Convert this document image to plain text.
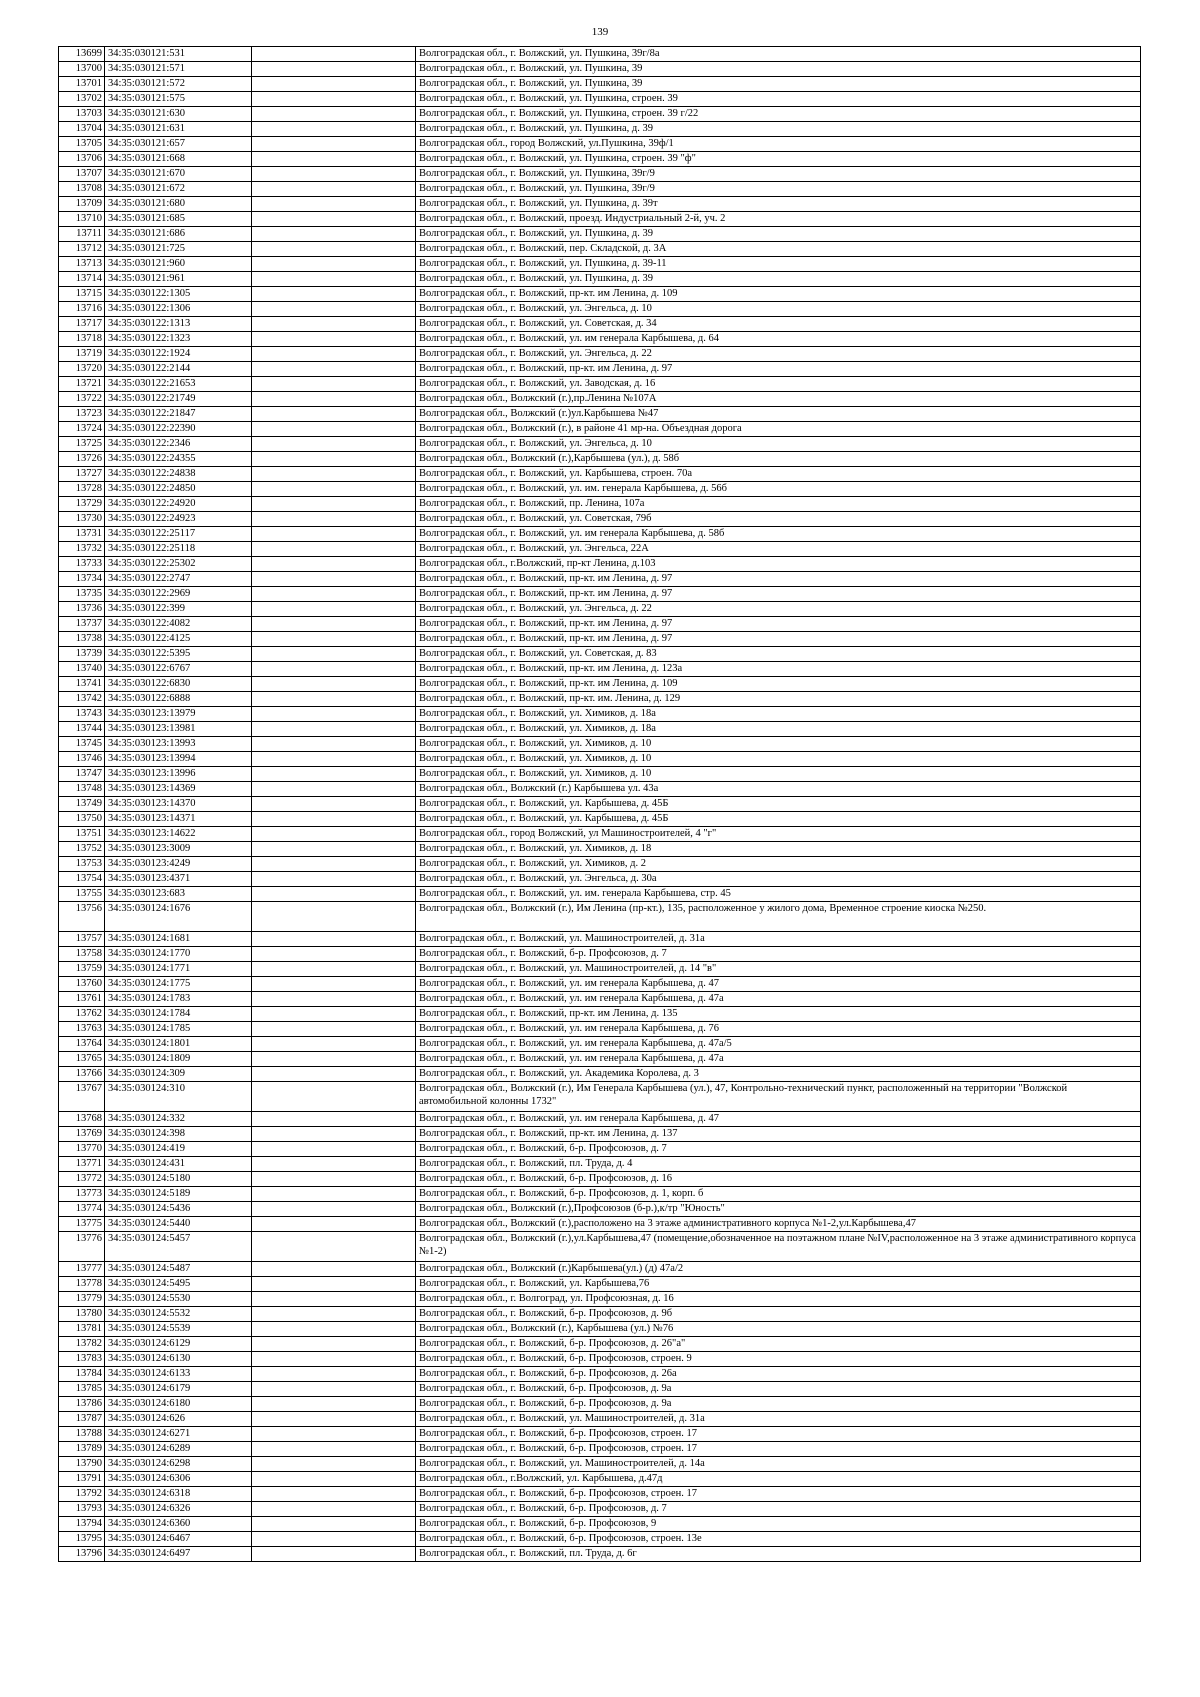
139
13699	34:35:030121:531		Волгоградская обл., г. Волжский, ул. Пушкина, 39г/8а
13700	34:35:030121:571		Волгоградская обл., г. Волжский, ул. Пушкина, 39
13701	34:35:030121:572		Волгоградская обл., г. Волжский, ул. Пушкина, 39
13702	34:35:030121:575		Волгоградская обл., г. Волжский, ул. Пушкина, строен. 39
13703	34:35:030121:630		Волгоградская обл., г. Волжский, ул. Пушкина, строен. 39 г/22
13704	34:35:030121:631		Волгоградская обл., г. Волжский, ул. Пушкина, д. 39
13705	34:35:030121:657		Волгоградская обл., город Волжский, ул.Пушкина, 39ф/1
13706	34:35:030121:668		Волгоградская обл., г. Волжский, ул. Пушкина, строен. 39 "ф"
13707	34:35:030121:670		Волгоградская обл., г. Волжский, ул. Пушкина, 39г/9
13708	34:35:030121:672		Волгоградская обл., г. Волжский, ул. Пушкина, 39г/9
13709	34:35:030121:680		Волгоградская обл., г. Волжский, ул. Пушкина, д. 39т
13710	34:35:030121:685		Волгоградская обл., г. Волжский, проезд. Индустриальный 2-й, уч. 2
13711	34:35:030121:686		Волгоградская обл., г. Волжский, ул. Пушкина, д. 39
13712	34:35:030121:725		Волгоградская обл., г. Волжский, пер. Складской, д. 3А
13713	34:35:030121:960		Волгоградская обл., г. Волжский, ул. Пушкина, д. 39-11
13714	34:35:030121:961		Волгоградская обл., г. Волжский, ул. Пушкина, д. 39
13715	34:35:030122:1305		Волгоградская обл., г. Волжский, пр-кт. им Ленина, д. 109
13716	34:35:030122:1306		Волгоградская обл., г. Волжский, ул. Энгельса, д. 10
13717	34:35:030122:1313		Волгоградская обл., г. Волжский, ул. Советская, д. 34
13718	34:35:030122:1323		Волгоградская обл., г. Волжский, ул. им генерала Карбышева, д. 64
13719	34:35:030122:1924		Волгоградская обл., г. Волжский, ул. Энгельса, д. 22
13720	34:35:030122:2144		Волгоградская обл., г. Волжский, пр-кт. им Ленина, д. 97
13721	34:35:030122:21653		Волгоградская обл., г. Волжский, ул. Заводская, д. 16
13722	34:35:030122:21749		Волгоградская обл., Волжский (г.),пр.Ленина №107А
13723	34:35:030122:21847		Волгоградская обл., Волжский (г.)ул.Карбышева №47
13724	34:35:030122:22390		Волгоградская обл., Волжский (г.), в районе 41 мр-на. Объездная дорога
13725	34:35:030122:2346		Волгоградская обл., г. Волжский, ул. Энгельса, д. 10
13726	34:35:030122:24355		Волгоградская обл., Волжский (г.),Карбышева (ул.), д. 58б
13727	34:35:030122:24838		Волгоградская обл., г. Волжский, ул. Карбышева, строен. 70а
13728	34:35:030122:24850		Волгоградская обл., г. Волжский, ул. им. генерала Карбышева, д. 56б
13729	34:35:030122:24920		Волгоградская обл., г. Волжский, пр. Ленина, 107а
13730	34:35:030122:24923		Волгоградская обл., г. Волжский, ул. Советская, 79б
13731	34:35:030122:25117		Волгоградская обл., г. Волжский, ул. им генерала Карбышева, д. 58б
13732	34:35:030122:25118		Волгоградская обл., г. Волжский, ул. Энгельса, 22А
13733	34:35:030122:25302		Волгоградская обл., г.Волжский, пр-кт Ленина, д.103
13734	34:35:030122:2747		Волгоградская обл., г. Волжский, пр-кт. им Ленина, д. 97
13735	34:35:030122:2969		Волгоградская обл., г. Волжский, пр-кт. им Ленина, д. 97
13736	34:35:030122:399		Волгоградская обл., г. Волжский, ул. Энгельса, д. 22
13737	34:35:030122:4082		Волгоградская обл., г. Волжский, пр-кт. им Ленина, д. 97
13738	34:35:030122:4125		Волгоградская обл., г. Волжский, пр-кт. им Ленина, д. 97
13739	34:35:030122:5395		Волгоградская обл., г. Волжский, ул. Советская, д. 83
13740	34:35:030122:6767		Волгоградская обл., г. Волжский, пр-кт. им Ленина, д. 123а
13741	34:35:030122:6830		Волгоградская обл., г. Волжский, пр-кт. им Ленина, д. 109
13742	34:35:030122:6888		Волгоградская обл., г. Волжский, пр-кт. им. Ленина, д. 129
13743	34:35:030123:13979		Волгоградская обл., г. Волжский, ул. Химиков, д. 18а
13744	34:35:030123:13981		Волгоградская обл., г. Волжский, ул. Химиков, д. 18а
13745	34:35:030123:13993		Волгоградская обл., г. Волжский, ул. Химиков, д. 10
13746	34:35:030123:13994		Волгоградская обл., г. Волжский, ул. Химиков, д. 10
13747	34:35:030123:13996		Волгоградская обл., г. Волжский, ул. Химиков, д. 10
13748	34:35:030123:14369		Волгоградская обл., Волжский (г.) Карбышева ул. 43а
13749	34:35:030123:14370		Волгоградская обл., г. Волжский, ул. Карбышева, д. 45Б
13750	34:35:030123:14371		Волгоградская обл., г. Волжский, ул. Карбышева, д. 45Б
13751	34:35:030123:14622		Волгоградская обл., город Волжский, ул Машиностроителей, 4 "г"
13752	34:35:030123:3009		Волгоградская обл., г. Волжский, ул. Химиков, д. 18
13753	34:35:030123:4249		Волгоградская обл., г. Волжский, ул. Химиков, д. 2
13754	34:35:030123:4371		Волгоградская обл., г. Волжский, ул. Энгельса, д. 30а
13755	34:35:030123:683		Волгоградская обл., г. Волжский, ул. им. генерала Карбышева, стр. 45
13756	34:35:030124:1676		Волгоградская обл., Волжский (г.), Им Ленина (пр-кт.), 135, расположенное у жилого дома, Временное строение киоска №250.
13757	34:35:030124:1681		Волгоградская обл., г. Волжский, ул. Машиностроителей, д. 31а
13758	34:35:030124:1770		Волгоградская обл., г. Волжский, б-р. Профсоюзов, д. 7
13759	34:35:030124:1771		Волгоградская обл., г. Волжский, ул. Машиностроителей, д. 14 "в"
13760	34:35:030124:1775		Волгоградская обл., г. Волжский, ул. им генерала Карбышева, д. 47
13761	34:35:030124:1783		Волгоградская обл., г. Волжский, ул. им генерала Карбышева, д. 47а
13762	34:35:030124:1784		Волгоградская обл., г. Волжский, пр-кт. им Ленина, д. 135
13763	34:35:030124:1785		Волгоградская обл., г. Волжский, ул. им генерала Карбышева, д. 76
13764	34:35:030124:1801		Волгоградская обл., г. Волжский, ул. им генерала Карбышева, д. 47а/5
13765	34:35:030124:1809		Волгоградская обл., г. Волжский, ул. им генерала Карбышева, д. 47а
13766	34:35:030124:309		Волгоградская обл., г. Волжский, ул. Академика Королева, д. 3
13767	34:35:030124:310		Волгоградская обл., Волжский (г.), Им Генерала Карбышева (ул.), 47, Контрольно-технический пункт, расположенный на территории "Волжской автомобильной колонны 1732"
13768	34:35:030124:332		Волгоградская обл., г. Волжский, ул. им генерала Карбышева, д. 47
13769	34:35:030124:398		Волгоградская обл., г. Волжский, пр-кт. им Ленина, д. 137
13770	34:35:030124:419		Волгоградская обл., г. Волжский, б-р. Профсоюзов, д. 7
13771	34:35:030124:431		Волгоградская обл., г. Волжский, пл. Труда, д. 4
13772	34:35:030124:5180		Волгоградская обл., г. Волжский, б-р. Профсоюзов, д. 16
13773	34:35:030124:5189		Волгоградская обл., г. Волжский, б-р. Профсоюзов, д. 1, корп. б
13774	34:35:030124:5436		Волгоградская обл., Волжский (г.),Профсоюзов (б-р.),к/тр "Юность"
13775	34:35:030124:5440		Волгоградская обл., Волжский (г.),расположено на 3 этаже административного корпуса №1-2,ул.Карбышева,47
13776	34:35:030124:5457		Волгоградская обл., Волжский (г.),ул.Карбышева,47 (помещение,обозначенное на поэтажном плане №IV,расположенное на 3 этаже административного корпуса №1-2)
13777	34:35:030124:5487		Волгоградская обл., Волжский (г.)Карбышева(ул.) (д) 47а/2
13778	34:35:030124:5495		Волгоградская обл., г. Волжский, ул. Карбышева,76
13779	34:35:030124:5530		Волгоградская обл., г. Волгоград, ул. Профсоюзная, д. 16
13780	34:35:030124:5532		Волгоградская обл., г. Волжский, б-р. Профсоюзов, д. 9б
13781	34:35:030124:5539		Волгоградская обл., Волжский (г.), Карбышева (ул.) №76
13782	34:35:030124:6129		Волгоградская обл., г. Волжский, б-р. Профсоюзов, д. 26"а"
13783	34:35:030124:6130		Волгоградская обл., г. Волжский, б-р. Профсоюзов, строен. 9
13784	34:35:030124:6133		Волгоградская обл., г. Волжский, б-р. Профсоюзов, д. 26а
13785	34:35:030124:6179		Волгоградская обл., г. Волжский, б-р. Профсоюзов, д. 9а
13786	34:35:030124:6180		Волгоградская обл., г. Волжский, б-р. Профсоюзов, д. 9а
13787	34:35:030124:626		Волгоградская обл., г. Волжский, ул. Машиностроителей, д. 31а
13788	34:35:030124:6271		Волгоградская обл., г. Волжский, б-р. Профсоюзов, строен. 17
13789	34:35:030124:6289		Волгоградская обл., г. Волжский, б-р. Профсоюзов, строен. 17
13790	34:35:030124:6298		Волгоградская обл., г. Волжский, ул. Машиностроителей, д. 14а
13791	34:35:030124:6306		Волгоградская обл., г.Волжский, ул. Карбышева, д.47д
13792	34:35:030124:6318		Волгоградская обл., г. Волжский, б-р. Профсоюзов, строен. 17
13793	34:35:030124:6326		Волгоградская обл., г. Волжский, б-р. Профсоюзов, д. 7
13794	34:35:030124:6360		Волгоградская обл., г. Волжский, б-р. Профсоюзов, 9
13795	34:35:030124:6467		Волгоградская обл., г. Волжский, б-р. Профсоюзов, строен. 13е
13796	34:35:030124:6497		Волгоградская обл., г. Волжский, пл. Труда, д. 6г
